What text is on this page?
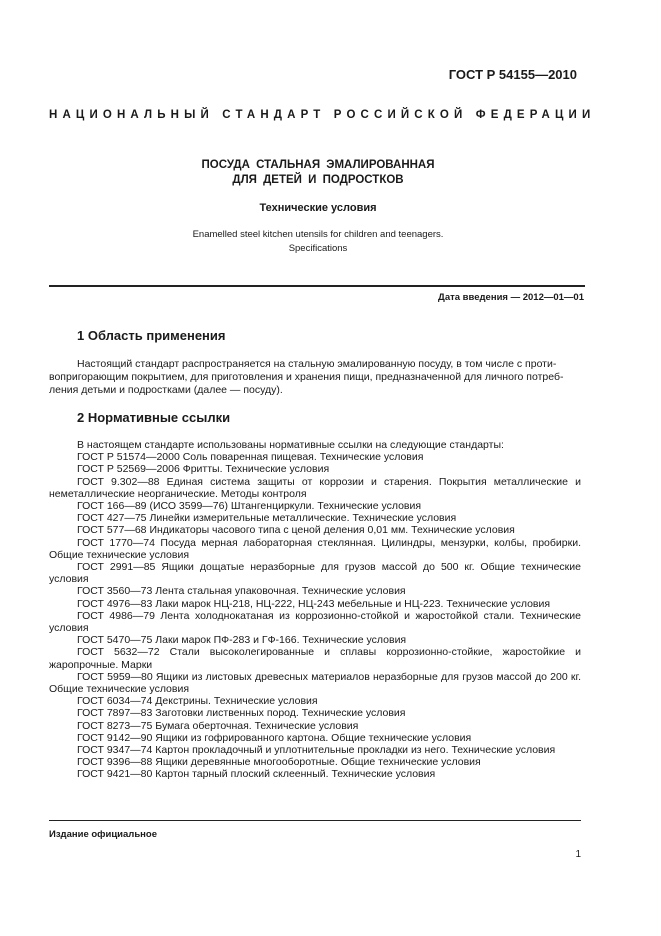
ГОСТ Р 54155—2010
НАЦИОНАЛЬНЫЙ СТАНДАРТ РОССИЙСКОЙ ФЕДЕРАЦИИ
ПОСУДА СТАЛЬНАЯ ЭМАЛИРОВАННАЯ
ДЛЯ ДЕТЕЙ И ПОДРОСТКОВ
Технические условия
Enamelled steel kitchen utensils for children and teenagers.
Specifications
Дата введения — 2012—01—01
1 Область применения
Настоящий стандарт распространяется на стальную эмалированную посуду, в том числе с проти-
вопригорающим покрытием, для приготовления и хранения пищи, предназначенной для личного потреб-
ления детьми и подростками (далее — посуду).
2 Нормативные ссылки
В настоящем стандарте использованы нормативные ссылки на следующие стандарты:
ГОСТ Р 51574—2000 Соль поваренная пищевая. Технические условия
ГОСТ Р 52569—2006 Фритты. Технические условия
ГОСТ 9.302—88 Единая система защиты от коррозии и старения. Покрытия металлические и неметаллические неорганические. Методы контроля
ГОСТ 166—89 (ИСО 3599—76) Штангенциркули. Технические условия
ГОСТ 427—75 Линейки измерительные металлические. Технические условия
ГОСТ 577—68 Индикаторы часового типа с ценой деления 0,01 мм. Технические условия
ГОСТ 1770—74 Посуда мерная лабораторная стеклянная. Цилиндры, мензурки, колбы, пробирки. Общие технические условия
ГОСТ 2991—85 Ящики дощатые неразборные для грузов массой до 500 кг. Общие технические условия
ГОСТ 3560—73 Лента стальная упаковочная. Технические условия
ГОСТ 4976—83 Лаки марок НЦ-218, НЦ-222, НЦ-243 мебельные и НЦ-223. Технические условия
ГОСТ 4986—79 Лента холоднокатаная из коррозионно-стойкой и жаростойкой стали. Технические условия
ГОСТ 5470—75 Лаки марок ПФ-283 и ГФ-166. Технические условия
ГОСТ 5632—72 Стали высоколегированные и сплавы коррозионно-стойкие, жаростойкие и жаропрочные. Марки
ГОСТ 5959—80 Ящики из листовых древесных материалов неразборные для грузов массой до 200 кг. Общие технические условия
ГОСТ 6034—74 Декстрины. Технические условия
ГОСТ 7897—83 Заготовки лиственных пород. Технические условия
ГОСТ 8273—75 Бумага оберточная. Технические условия
ГОСТ 9142—90 Ящики из гофрированного картона. Общие технические условия
ГОСТ 9347—74 Картон прокладочный и уплотнительные прокладки из него. Технические условия
ГОСТ 9396—88 Ящики деревянные многооборотные. Общие технические условия
ГОСТ 9421—80 Картон тарный плоский склеенный. Технические условия
Издание официальное
1
